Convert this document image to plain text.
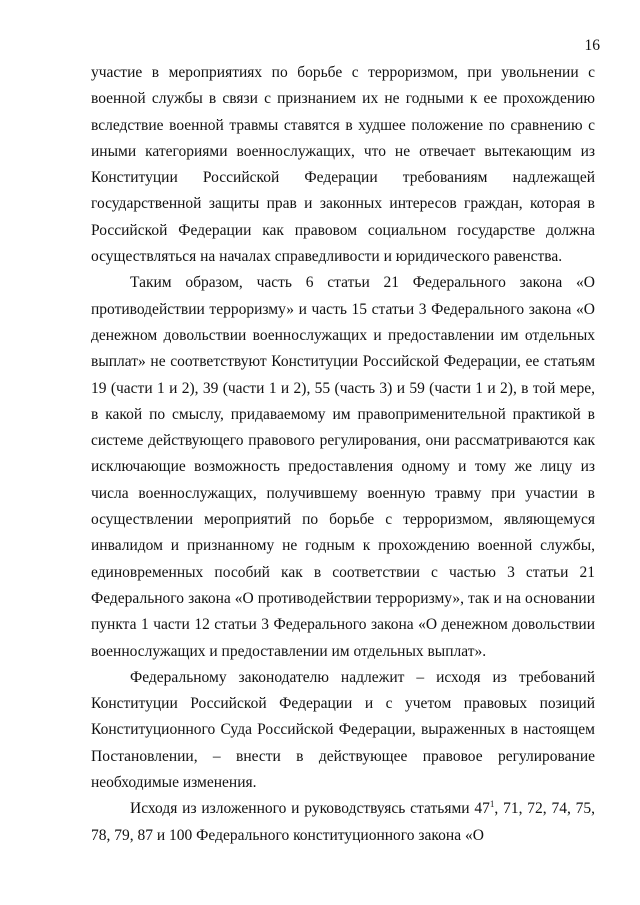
16

участие в мероприятиях по борьбе с терроризмом, при увольнении с военной службы в связи с признанием их не годными к ее прохождению вследствие военной травмы ставятся в худшее положение по сравнению с иными категориями военнослужащих, что не отвечает вытекающим из Конституции Российской Федерации требованиям надлежащей государственной защиты прав и законных интересов граждан, которая в Российской Федерации как правовом социальном государстве должна осуществляться на началах справедливости и юридического равенства.

Таким образом, часть 6 статьи 21 Федерального закона «О противодействии терроризму» и часть 15 статьи 3 Федерального закона «О денежном довольствии военнослужащих и предоставлении им отдельных выплат» не соответствуют Конституции Российской Федерации, ее статьям 19 (части 1 и 2), 39 (части 1 и 2), 55 (часть 3) и 59 (части 1 и 2), в той мере, в какой по смыслу, придаваемому им правоприменительной практикой в системе действующего правового регулирования, они рассматриваются как исключающие возможность предоставления одному и тому же лицу из числа военнослужащих, получившему военную травму при участии в осуществлении мероприятий по борьбе с терроризмом, являющемуся инвалидом и признанному не годным к прохождению военной службы, единовременных пособий как в соответствии с частью 3 статьи 21 Федерального закона «О противодействии терроризму», так и на основании пункта 1 части 12 статьи 3 Федерального закона «О денежном довольствии военнослужащих и предоставлении им отдельных выплат».

Федеральному законодателю надлежит – исходя из требований Конституции Российской Федерации и с учетом правовых позиций Конституционного Суда Российской Федерации, выраженных в настоящем Постановлении, – внести в действующее правовое регулирование необходимые изменения.

Исходя из изложенного и руководствуясь статьями $47^1$, 71, 72, 74, 75, 78, 79, 87 и 100 Федерального конституционного закона «О
